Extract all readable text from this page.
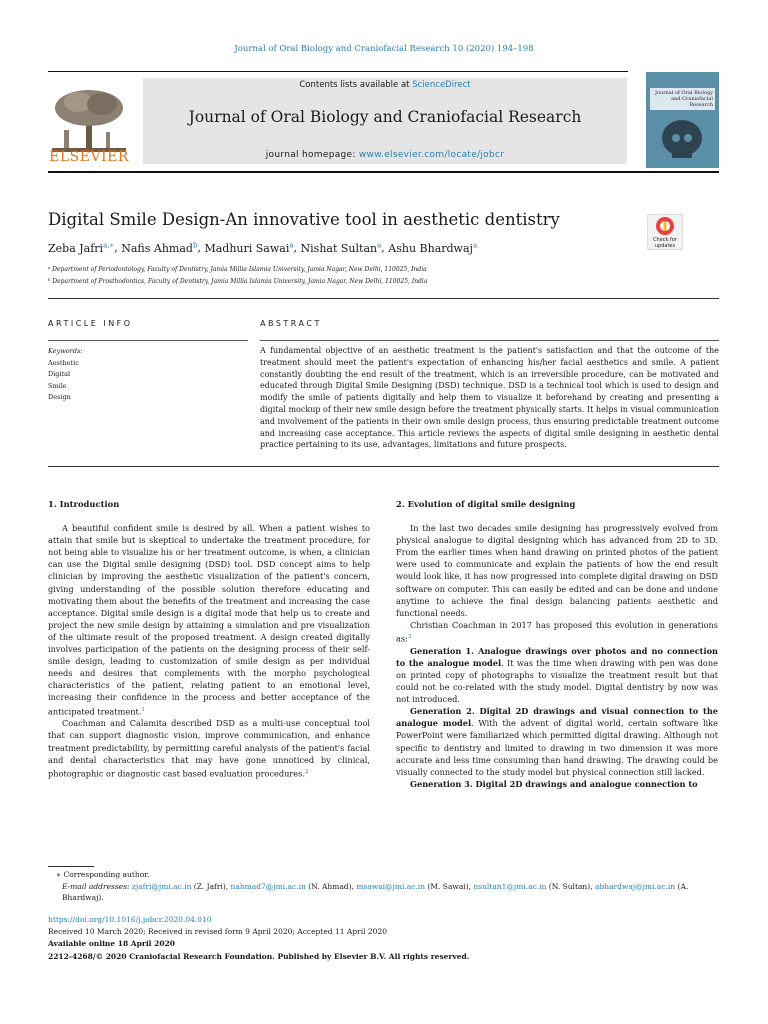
Journal of Oral Biology and Craniofacial Research 10 (2020) 194–198
ELSEVIER
Contents lists available at ScienceDirect
Journal of Oral Biology and Craniofacial Research
journal homepage: www.elsevier.com/locate/jobcr
Journal of Oral Biology and Craniofacial Research
Digital Smile Design-An innovative tool in aesthetic dentistry
Zeba Jafri$^{a,∗}$, Nafis Ahmad$^b$, Madhuri Sawai$^a$, Nishat Sultan$^a$, Ashu Bhardwaj$^a$
Check for updates
ᵃ Department of Periodontology, Faculty of Dentistry, Jamia Millia Islamia University, Jamia Nagar, New Delhi, 110025, India
ᵇ Department of Prosthodontics, Faculty of Dentistry, Jamia Millia Islamia University, Jamia Nagar, New Delhi, 110025, India
ARTICLE INFO	ABSTRACT
Keywords:
Aesthetic
Digital
Smile
Design
A fundamental objective of an aesthetic treatment is the patient's satisfaction and that the outcome of the treatment should meet the patient's expectation of enhancing his/her facial aesthetics and smile. A patient constantly doubting the end result of the treatment, which is an irreversible procedure, can be motivated and educated through Digital Smile Designing (DSD) technique. DSD is a technical tool which is used to design and modify the smile of patients digitally and help them to visualize it beforehand by creating and presenting a digital mockup of their new smile design before the treatment physically starts. It helps in visual communication and involvement of the patients in their own smile design process, thus ensuring predictable treatment outcome and increasing case acceptance. This article reviews the aspects of digital smile designing in aesthetic dental practice pertaining to its use, advantages, limitations and future prospects.

1. Introduction

A beautiful confident smile is desired by all. When a patient wishes to attain that smile but is skeptical to undertake the treatment procedure, for not being able to visualize his or her treatment outcome, is when, a clinician can use the Digital smile designing (DSD) tool. DSD concept aims to help clinician by improving the aesthetic visualization of the patient's concern, giving understanding of the possible solution therefore educating and motivating them about the benefits of the treatment and increasing the case acceptance. Digital smile design is a digital mode that help us to create and project the new smile design by attaining a simulation and pre visualization of the ultimate result of the proposed treatment. A design created digitally involves participation of the patients on the designing process of their self-smile design, leading to customization of smile design as per individual needs and desires that complements with the morpho psychological characteristics of the patient, relating patient to an emotional level, increasing their confidence in the process and better acceptance of the anticipated treatment.$^1$

Coachman and Calamita described DSD as a multi-use conceptual tool that can support diagnostic vision, improve communication, and enhance treatment predictability, by permitting careful analysis of the patient's facial and dental characteristics that may have gone unnoticed by clinical, photographic or diagnostic cast based evaluation procedures.$^2$

2. Evolution of digital smile designing

In the last two decades smile designing has progressively evolved from physical analogue to digital designing which has advanced from 2D to 3D. From the earlier times when hand drawing on printed photos of the patient were used to communicate and explain the patients of how the end result would look like, it has now progressed into complete digital drawing on DSD software on computer. This can easily be edited and can be done and undone anytime to achieve the final design balancing patients aesthetic and functional needs.

Christian Coachman in 2017 has proposed this evolution in generations as:$^3$

Generation 1. Analogue drawings over photos and no connection to the analogue model. It was the time when drawing with pen was done on printed copy of photographs to visualize the treatment result but that could not be co-related with the study model. Digital dentistry by now was not introduced.

Generation 2. Digital 2D drawings and visual connection to the analogue model. With the advent of digital world, certain software like PowerPoint were familiarized which permitted digital drawing. Although not specific to dentistry and limited to drawing in two dimension it was more accurate and less time consuming than hand drawing. The drawing could be visually connected to the study model but physical connection still lacked.

Generation 3. Digital 2D drawings and analogue connection to

∗ Corresponding author.
E-mail addresses: zjafri@jmi.ac.in (Z. Jafri), nahmad7@jmi.ac.in (N. Ahmad), msawai@jmi.ac.in (M. Sawai), nsultan1@jmi.ac.in (N. Sultan), abhardwaj@jmi.ac.in (A. Bhardwaj).
https://doi.org/10.1016/j.jobcr.2020.04.010
Received 10 March 2020; Received in revised form 9 April 2020; Accepted 11 April 2020
Available online 18 April 2020
2212-4268/© 2020 Craniofacial Research Foundation. Published by Elsevier B.V. All rights reserved.
